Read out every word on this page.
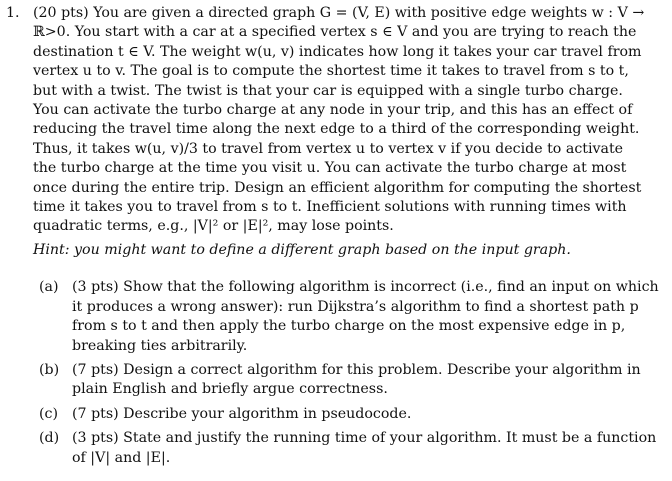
1. (20 pts) You are given a directed graph G = (V, E) with positive edge weights w : V →
ℝ>0. You start with a car at a specified vertex s ∈ V and you are trying to reach the
destination t ∈ V. The weight w(u, v) indicates how long it takes your car travel from
vertex u to v. The goal is to compute the shortest time it takes to travel from s to t,
but with a twist. The twist is that your car is equipped with a single turbo charge.
You can activate the turbo charge at any node in your trip, and this has an effect of
reducing the travel time along the next edge to a third of the corresponding weight.
Thus, it takes w(u, v)/3 to travel from vertex u to vertex v if you decide to activate
the turbo charge at the time you visit u. You can activate the turbo charge at most
once during the entire trip. Design an efficient algorithm for computing the shortest
time it takes you to travel from s to t. Inefficient solutions with running times with
quadratic terms, e.g., |V|² or |E|², may lose points.
Hint: you might want to define a different graph based on the input graph.
(a) (3 pts) Show that the following algorithm is incorrect (i.e., find an input on which
it produces a wrong answer): run Dijkstra’s algorithm to find a shortest path p
from s to t and then apply the turbo charge on the most expensive edge in p,
breaking ties arbitrarily.
(b) (7 pts) Design a correct algorithm for this problem. Describe your algorithm in
plain English and briefly argue correctness.
(c) (7 pts) Describe your algorithm in pseudocode.
(d) (3 pts) State and justify the running time of your algorithm. It must be a function
of |V| and |E|.
